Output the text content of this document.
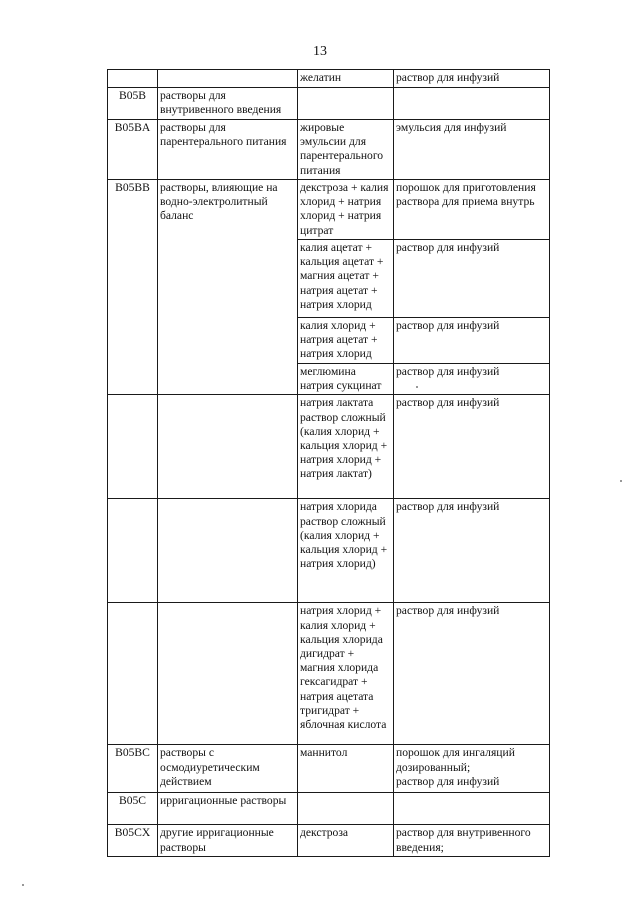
13
		желатин	раствор для инфузий
B05B	растворы для внутривенного введения		
B05BA	растворы для парентерального питания	жировые эмульсии для парентерального питания	эмульсия для инфузий
B05BB	растворы, влияющие на водно-электролитный баланс	декстроза + калия хлорид + натрия хлорид + натрия цитрат	порошок для приготовления раствора для приема внутрь
		калия ацетат + кальция ацетат + магния ацетат + натрия ацетат + натрия хлорид	раствор для инфузий
		калия хлорид + натрия ацетат + натрия хлорид	раствор для инфузий
		меглюмина натрия сукцинат	раствор для инфузий
		натрия лактата раствор сложный (калия хлорид + кальция хлорид + натрия хлорид + натрия лактат)	раствор для инфузий
		натрия хлорида раствор сложный (калия хлорид + кальция хлорид + натрия хлорид)	раствор для инфузий
		натрия хлорид + калия хлорид + кальция хлорида дигидрат + магния хлорида гексагидрат + натрия ацетата тригидрат + яблочная кислота	раствор для инфузий
B05BC	растворы с осмодиуретическим действием	маннитол	порошок для ингаляций дозированный;
раствор для инфузий

B05C	ирригационные растворы		
B05CX	другие ирригационные растворы	декстроза	раствор для внутривенного введения;
